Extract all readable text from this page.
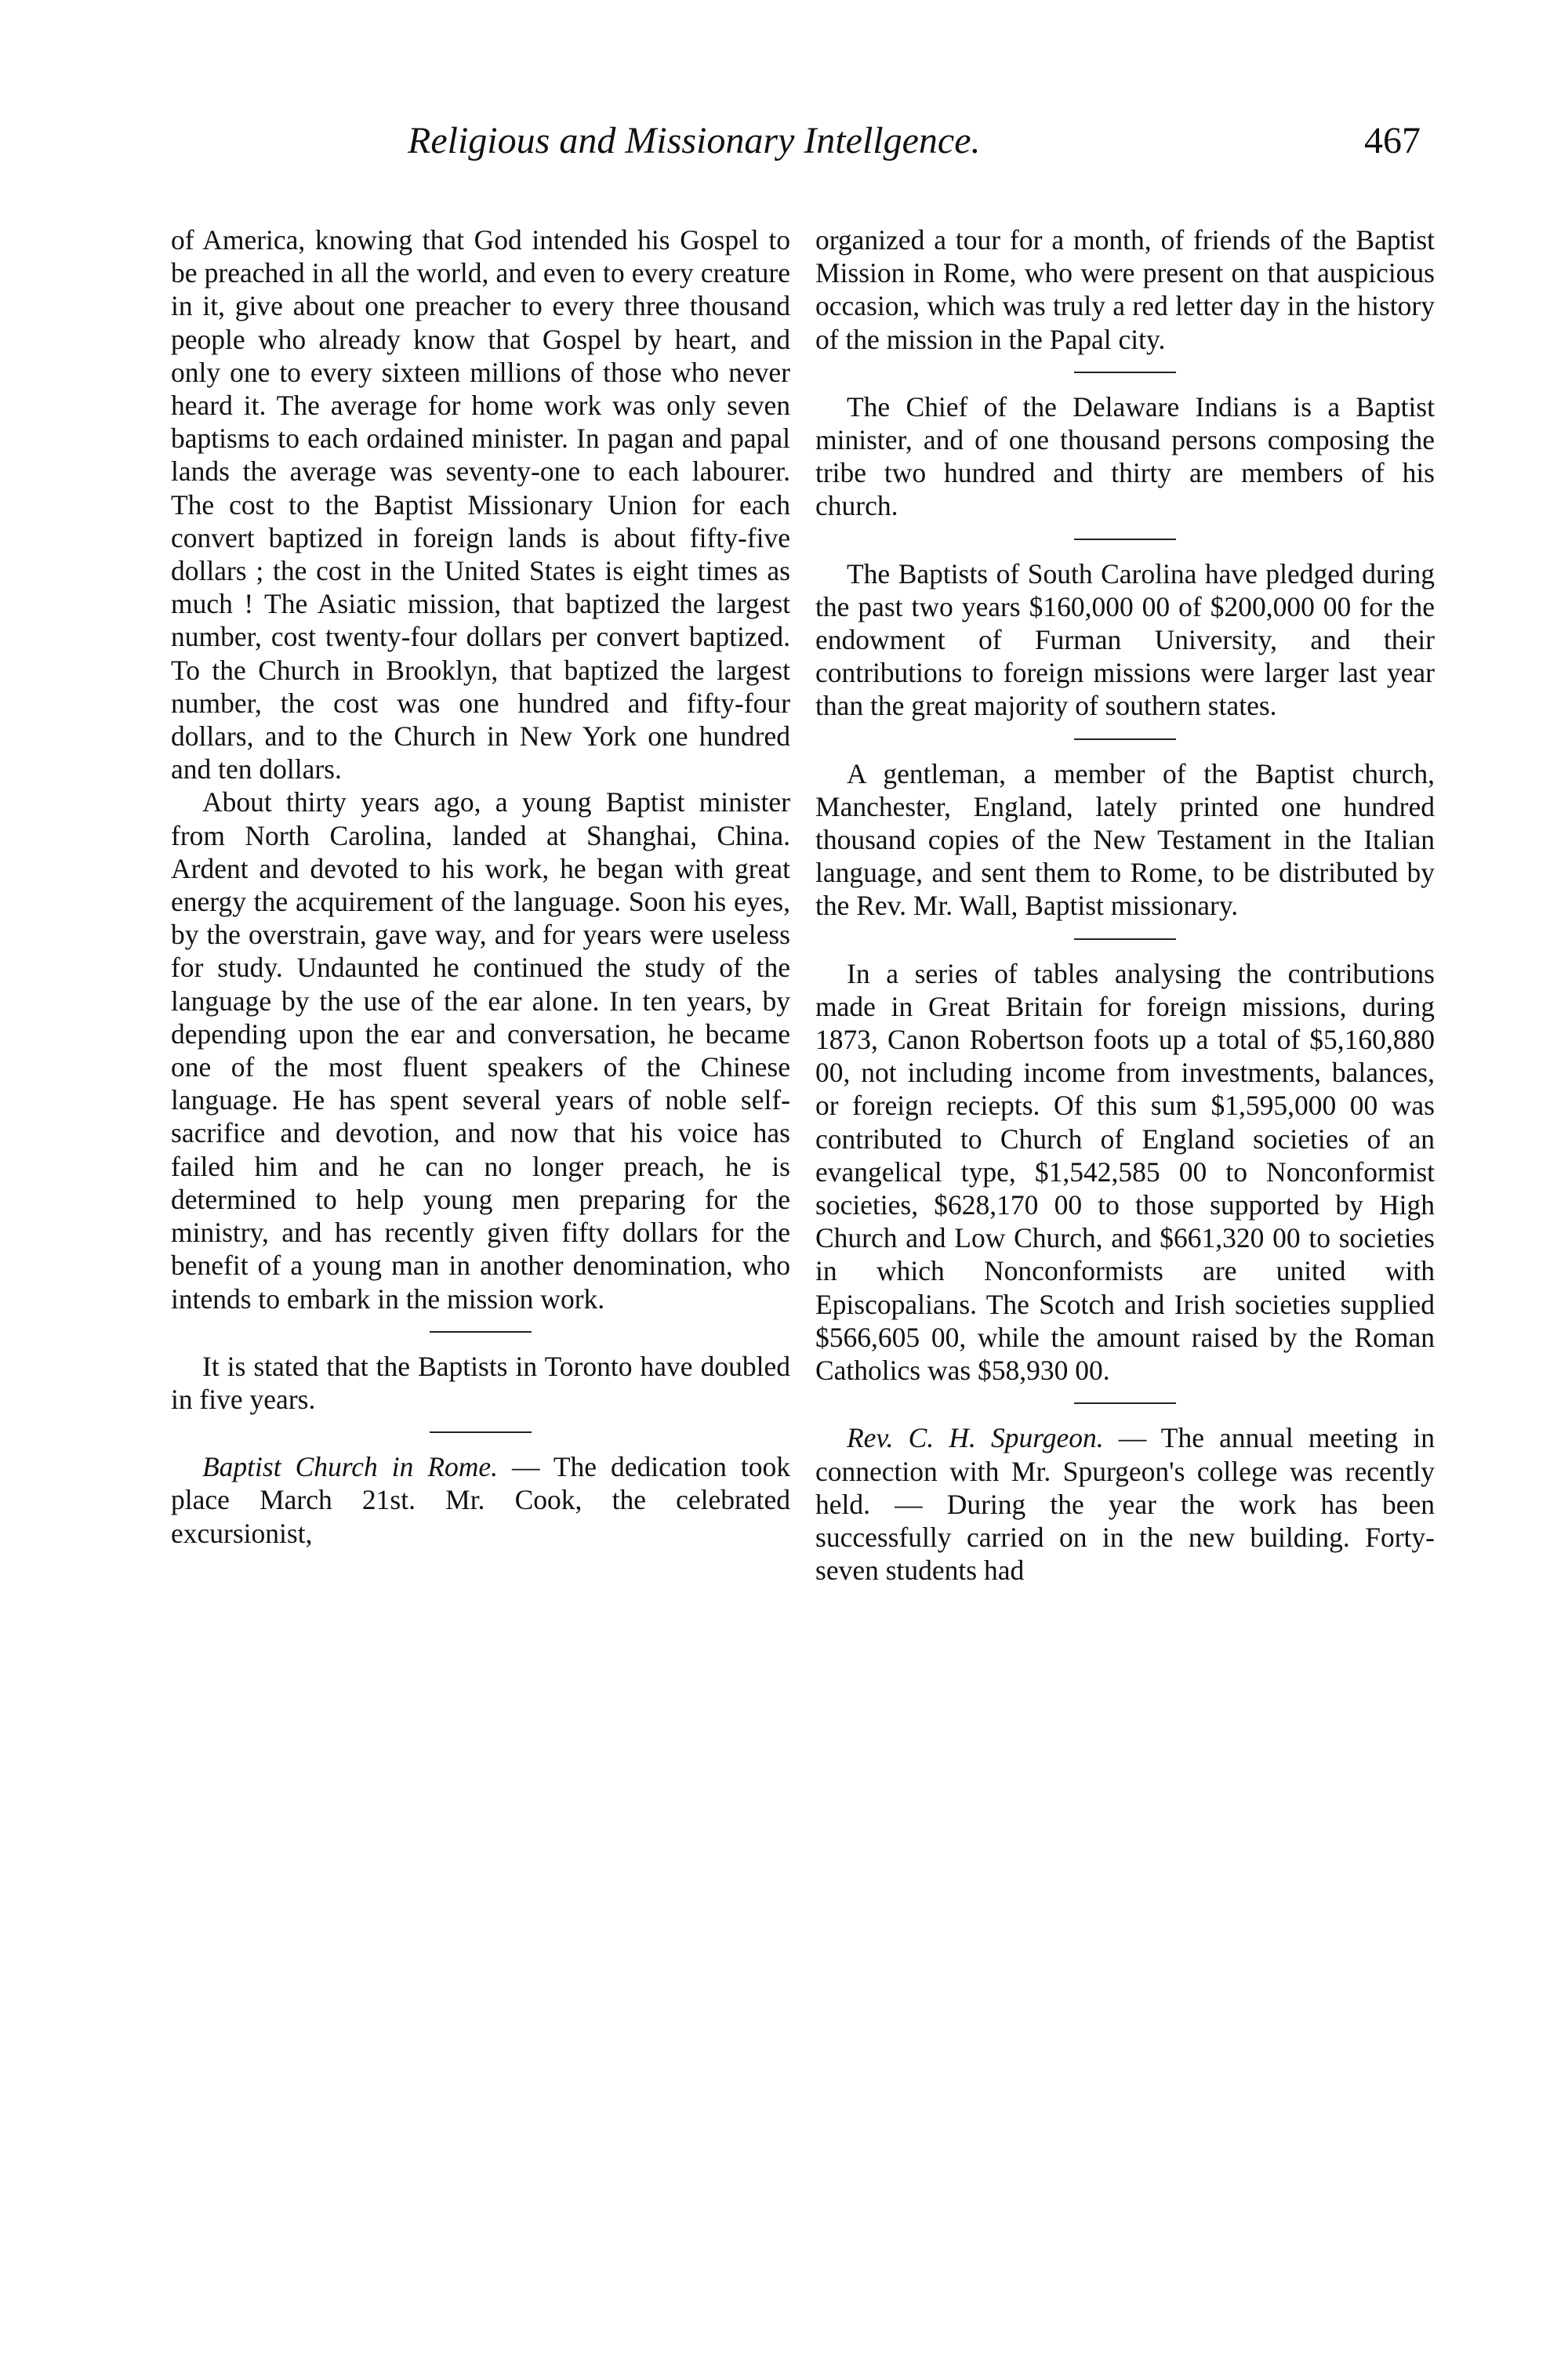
Religious and Missionary Intellgence.	467

of America, knowing that God intended his Gospel to be preached in all the world, and even to every creature in it, give about one preacher to every three thousand people who already know that Gospel by heart, and only one to every sixteen millions of those who never heard it. The average for home work was only seven baptisms to each ordained minister. In pagan and papal lands the average was seventy-one to each labourer. The cost to the Baptist Missionary Union for each convert baptized in foreign lands is about fifty-five dollars ; the cost in the United States is eight times as much ! The Asiatic mission, that baptized the largest number, cost twenty-four dollars per convert baptized. To the Church in Brooklyn, that baptized the largest number, the cost was one hundred and fifty-four dollars, and to the Church in New York one hundred and ten dollars.

About thirty years ago, a young Baptist minister from North Carolina, landed at Shanghai, China. Ardent and devoted to his work, he began with great energy the acquirement of the language. Soon his eyes, by the overstrain, gave way, and for years were useless for study. Undaunted he continued the study of the language by the use of the ear alone. In ten years, by depending upon the ear and conversation, he became one of the most fluent speakers of the Chinese language. He has spent several years of noble self-sacrifice and devotion, and now that his voice has failed him and he can no longer preach, he is determined to help young men preparing for the ministry, and has recently given fifty dollars for the benefit of a young man in another denomination, who intends to embark in the mission work.

It is stated that the Baptists in Toronto have doubled in five years.

Baptist Church in Rome. — The dedication took place March 21st. Mr. Cook, the celebrated excursionist,

organized a tour for a month, of friends of the Baptist Mission in Rome, who were present on that auspicious occasion, which was truly a red letter day in the history of the mission in the Papal city.

The Chief of the Delaware Indians is a Baptist minister, and of one thousand persons composing the tribe two hundred and thirty are members of his church.

The Baptists of South Carolina have pledged during the past two years $160,000 00 of $200,000 00 for the endowment of Furman University, and their contributions to foreign missions were larger last year than the great majority of southern states.

A gentleman, a member of the Baptist church, Manchester, England, lately printed one hundred thousand copies of the New Testament in the Italian language, and sent them to Rome, to be distributed by the Rev. Mr. Wall, Baptist missionary.

In a series of tables analysing the contributions made in Great Britain for foreign missions, during 1873, Canon Robertson foots up a total of $5,160,880 00, not including income from investments, balances, or foreign reciepts. Of this sum $1,595,000 00 was contributed to Church of England societies of an evangelical type, $1,542,585 00 to Nonconformist societies, $628,170 00 to those supported by High Church and Low Church, and $661,320 00 to societies in which Nonconformists are united with Episcopalians. The Scotch and Irish societies supplied $566,605 00, while the amount raised by the Roman Catholics was $58,930 00.

Rev. C. H. Spurgeon. — The annual meeting in connection with Mr. Spurgeon's college was recently held. — During the year the work has been successfully carried on in the new building. Forty-seven students had
